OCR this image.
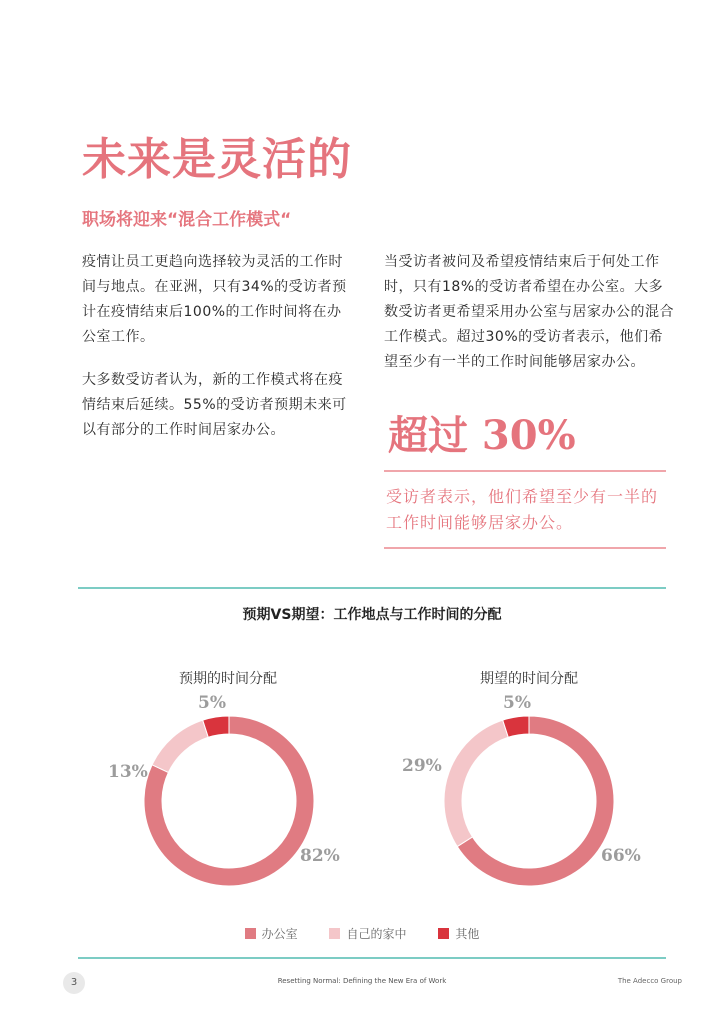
未来是灵活的
职场将迎来“混合工作模式“
疫情让员工更趋向选择较为灵活的工作时间与地点。在亚洲，只有34%的受访者预计在疫情结束后100%的工作时间将在办公室工作。
大多数受访者认为，新的工作模式将在疫情结束后延续。55%的受访者预期未来可以有部分的工作时间居家办公。
当受访者被问及希望疫情结束后于何处工作时，只有18%的受访者希望在办公室。大多数受访者更希望采用办公室与居家办公的混合工作模式。超过30%的受访者表示，他们希望至少有一半的工作时间能够居家办公。
超过 30%
受访者表示，他们希望至少有一半的工作时间能够居家办公。
预期VS期望：工作地点与工作时间的分配
预期的时间分配	期望的时间分配
5%
13%
82%
5%
29%
66%
办公室	自己的家中	其他
3	Resetting Normal: Defining the New Era of Work	The Adecco Group
